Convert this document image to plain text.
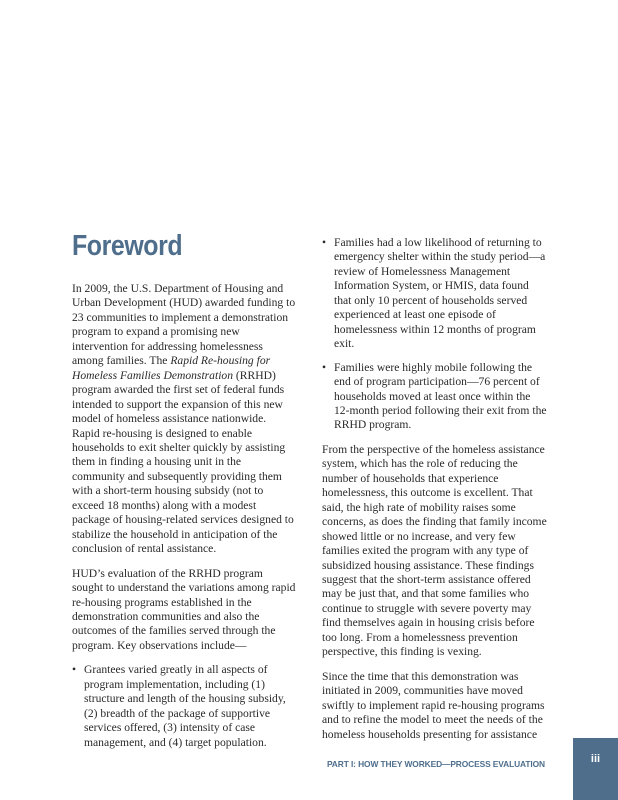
Foreword

In 2009, the U.S. Department of Housing and Urban Development (HUD) awarded funding to 23 communities to implement a demonstration program to expand a promising new intervention for addressing homelessness among families. The Rapid Re-housing for Homeless Families Demonstration (RRHD) program awarded the first set of federal funds intended to support the expansion of this new model of homeless assistance nationwide. Rapid re-housing is designed to enable households to exit shelter quickly by assisting them in finding a housing unit in the community and subsequently providing them with a short-term housing subsidy (not to exceed 18 months) along with a modest package of housing-related services designed to stabilize the household in anticipation of the conclusion of rental assistance.

HUD’s evaluation of the RRHD program sought to understand the variations among rapid re-housing programs established in the demonstration communities and also the outcomes of the families served through the program. Key observations include—

• Grantees varied greatly in all aspects of program implementation, including (1) structure and length of the housing subsidy, (2) breadth of the package of supportive services offered, (3) intensity of case management, and (4) target population.
• Families had a low likelihood of returning to emergency shelter within the study period—a review of Homelessness Management Information System, or HMIS, data found that only 10 percent of households served experienced at least one episode of homelessness within 12 months of program exit.
• Families were highly mobile following the end of program participation—76 percent of households moved at least once within the 12-month period following their exit from the RRHD program.

From the perspective of the homeless assistance system, which has the role of reducing the number of households that experience homelessness, this outcome is excellent. That said, the high rate of mobility raises some concerns, as does the finding that family income showed little or no increase, and very few families exited the program with any type of subsidized housing assistance. These findings suggest that the short-term assistance offered may be just that, and that some families who continue to struggle with severe poverty may find themselves again in housing crisis before too long. From a homelessness prevention perspective, this finding is vexing.

Since the time that this demonstration was initiated in 2009, communities have moved swiftly to implement rapid re-housing programs and to refine the model to meet the needs of the homeless households presenting for assistance

PART I: HOW THEY WORKED—PROCESS EVALUATION	iii
